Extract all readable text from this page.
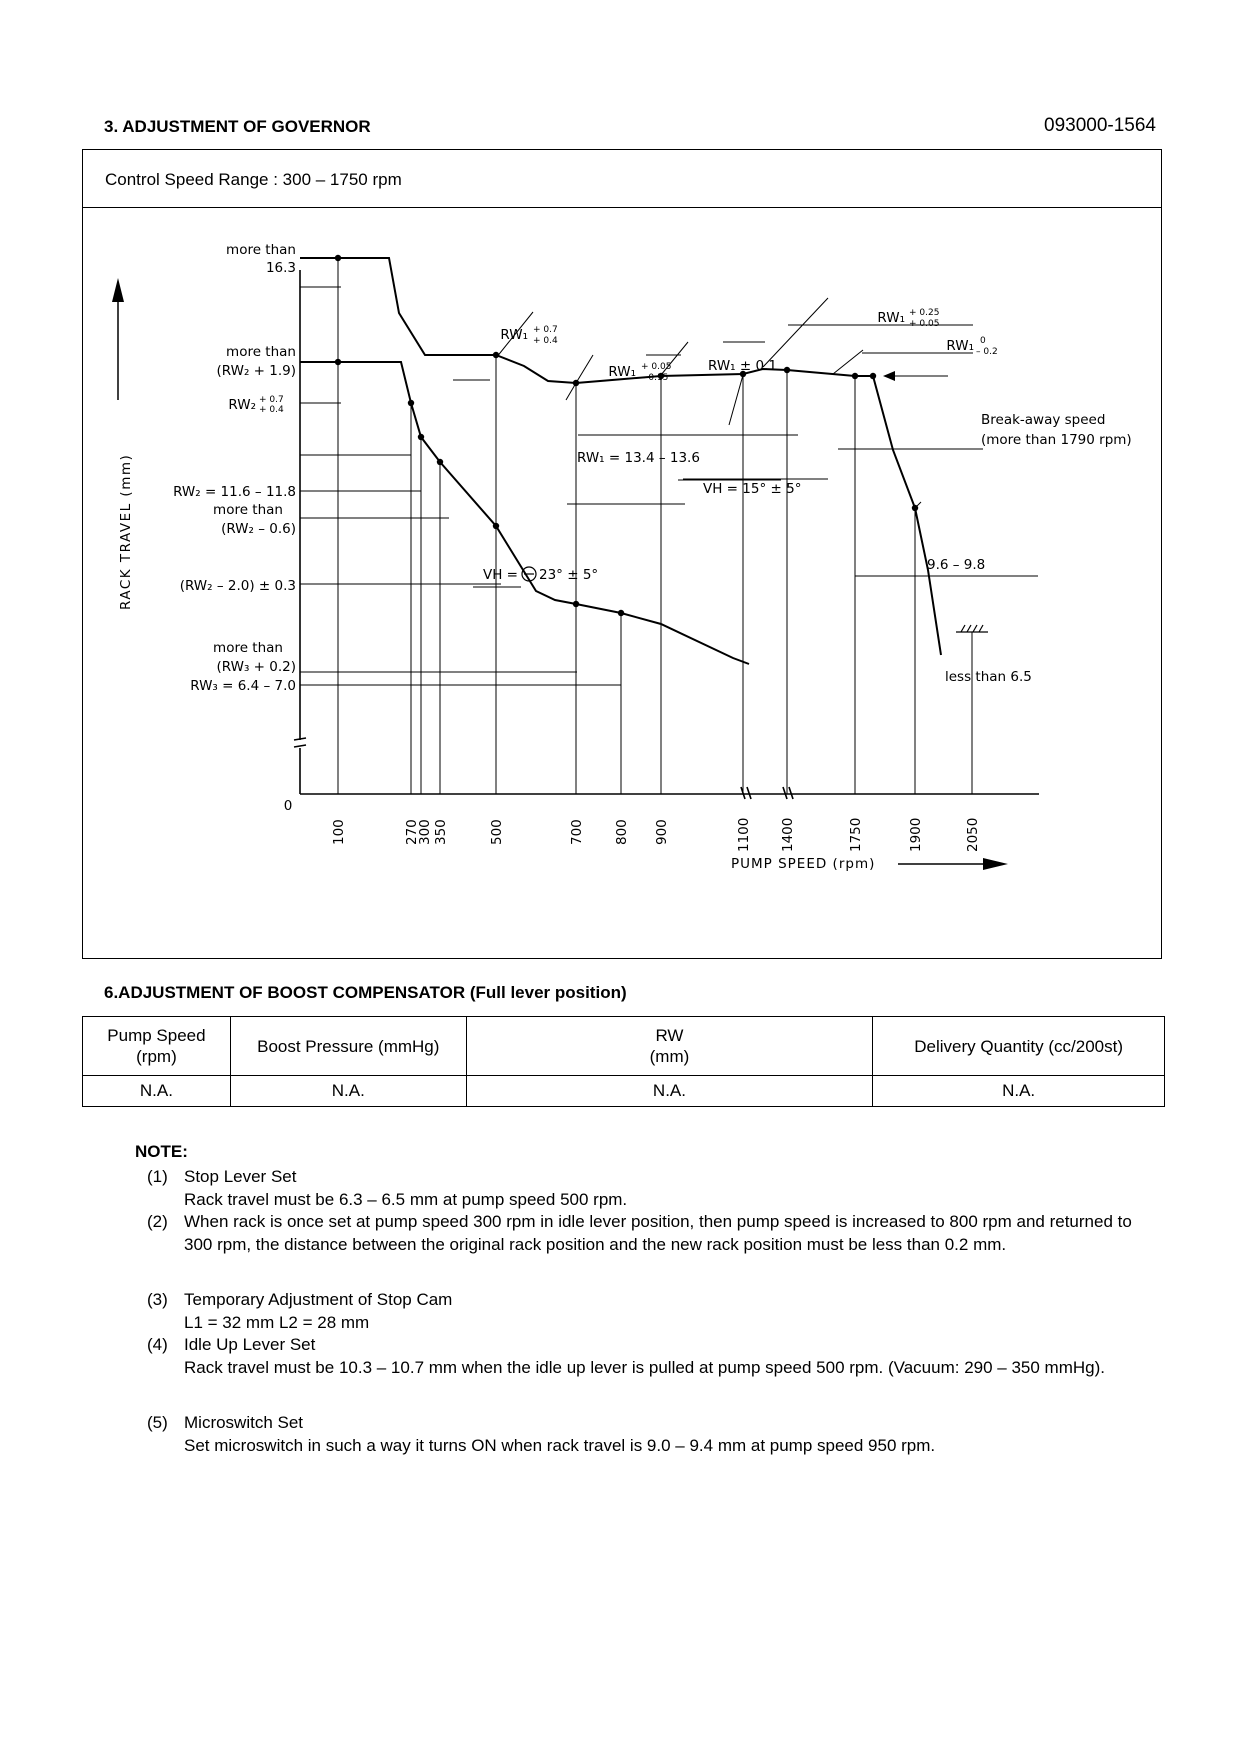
3. ADJUSTMENT OF GOVERNOR	093000-1564
Control Speed Range : 300 – 1750 rpm
RACK TRAVEL (mm)
more than
16.3
more than
(RW₂ + 1.9)
RW₂ + 0.7
+ 0.4
RW₂ = 11.6 – 11.8
more than
(RW₂ – 0.6)
(RW₂ – 2.0) ± 0.3
more than
(RW₃ + 0.2)
RW₃ = 6.4 – 7.0
RW₁ + 0.7
+ 0.4
RW₁ + 0.05
– 0.15
RW₁ ± 0.1
RW₁ + 0.25
+ 0.05
RW₁ 0
– 0.2
Break-away speed
(more than 1790 rpm)
RW₁ = 13.4 – 13.6
VH = 15° ± 5°
VH = 23° ± 5°
9.6 – 9.8
less than 6.5
0
100	270
300 350	500	700 800 900	1100 1400	1750	1900	2050
PUMP SPEED (rpm)
6.ADJUSTMENT OF BOOST COMPENSATOR (Full lever position)
Pump Speed
(rpm)	Boost Pressure (mmHg)	RW
(mm)	Delivery Quantity (cc/200st)
N.A.	N.A.	N.A.	N.A.
NOTE:
(1) Stop Lever Set
Rack travel must be 6.3 – 6.5 mm at pump speed 500 rpm.
(2) When rack is once set at pump speed 300 rpm in idle lever position, then pump speed is increased to 800 rpm and returned to 300 rpm, the distance between the original rack position and the new rack position must be less than 0.2 mm.
(3) Temporary Adjustment of Stop Cam
L1 = 32 mm L2 = 28 mm
(4) Idle Up Lever Set
Rack travel must be 10.3 – 10.7 mm when the idle up lever is pulled at pump speed 500 rpm. (Vacuum: 290 – 350 mmHg).
(5) Microswitch Set
Set microswitch in such a way it turns ON when rack travel is 9.0 – 9.4 mm at pump speed 950 rpm.
